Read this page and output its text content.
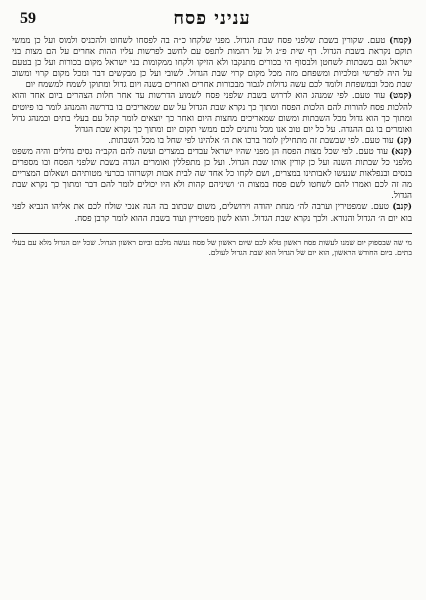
59	עניני פסח

(קמח) טעם. שקורין בשבת שלפני פסח שבת הגדול. מפני שלקחו כ״ה בה לפסחו לשחוט ולהכניס ולמוס ועל כן ממשי תוקם נקראת בשבת הגדול. דף שית פ״ג ול על רהמות לתפס עם לחשב לפרשות עליו ההות אחרים על הם מצות בני ישראל וגם בשבתות לשחטן ולבסוף הי בכורים מתנקבו ולא הזיקו ולקחו ממקומות בני ישראל מקום בכורות ועל כן בטעם על היה לפרשי ומלכיות ומשפחם מזה מכל מקום קרוי שבת הגדול. לשובי ועל כן מבקשים דבר ומכל מקום קרוי ומשוב שבת מכל ובמשפחת ולומד לכם עשה גדולות לגבור מבכורות אחרים ואחרים בשנה ויום גדול ומתוקן לשמח למשמח יום

(קמט) עוד טעם. לפי שמנהג הוא לדרוש בשבת שלפני פסח לשמוע הדרשות עד אחר חלות הצהרים ביום אחד והוא להלכות פסח להורות להם הלכות הפסח ומתוך כך נקרא שבת הגדול על שם שמאריכים בו בדרשה והמנהג לומר בו פיוטים ומתוך כך הוא גדול מכל השבתות ומשום שמאריכים מחצות היום ואחר כך יוצאים לומר קהל עם בעלי בתים ובמנהג גדול ואומרים בו גם ההגדה. על כל יום טוב אנו מכל נותנים לכם ממשי תקום יום ומתוך כך נקרא שבת הגדול

(קנ) עוד טעם. לפי שבשבת זה מתחילין לומר ברכו את ה׳ אלהינו לפי שחל בו מכל השבתות.

(קנא) עוד טעם. לפי שכל מצות הפסח הן מפני שהיו ישראל עבדים במצרים ועשה להם הקב״ה נסים גדולים והיה משפט מלפני כל שבתות השנה ועל כן קורין אותו שבת הגדול. ועל כן מתפללין ואומרים הגדה בשבת שלפני הפסח ובו מספרים בנסים ובנפלאות שנעשו לאבותינו במצרים, ושם לקחו כל אחד שה לבית אבות וקשרוהו בכרעי מטותיהם ושאלום המצריים מה זה לכם ואמרו להם לשחטו לשם פסח במצות ה׳ ושיניהם קהות ולא היו יכולים לומר להם דבר ומתוך כך נקרא שבת הגדול.

(קנב) טעם. שמפטירין וערבה לה׳ מנחת יהודה וירושלים, משום שכתוב בה הנה אנכי שולח לכם את אליהו הנביא לפני בוא יום ה׳ הגדול והנורא. ולכך נקרא שבת הגדול. והוא לשון מפטירין ועוד בשבת ההוא לומר קרבן פסח.

מי שה שבספוק יום שמנו לעשות פסח ראשון טלא לכם שיום ראשון של פסח נעשה מלכם וביום ראשון הגדול. שכל יום הגדול מלא עם בעלי בתים. ביום החודש הראשון, הוא יום של הגדול הוא שבת הגדול לעולם.
